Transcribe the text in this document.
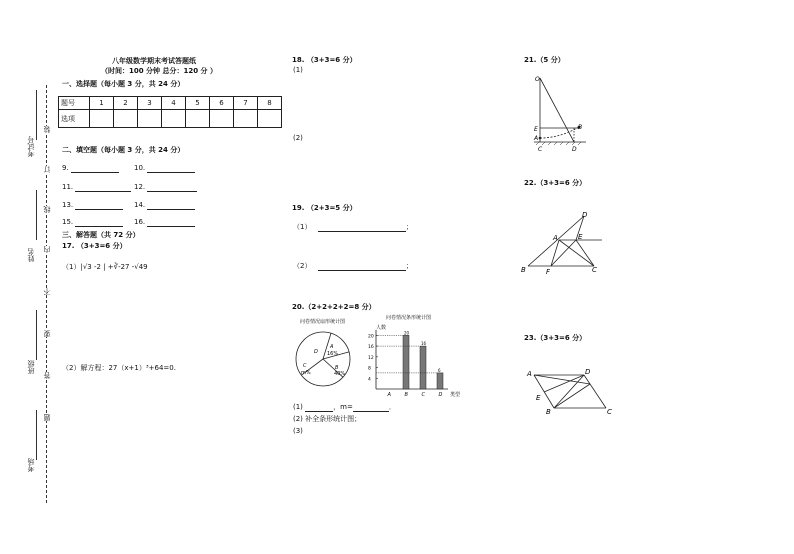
八年级数学期末考试答题纸
（时间：100 分钟 总分：120 分 ）
考试号
姓名
班级
考场
装
订
线
内
不
要
答
题
一、选择题（每小题 3 分，共 24 分）
题号	1	2	3	4	5	6	7	8
选项								
二、填空题（每小题 3 分，共 24 分）
9.	10.
11.	12.
13.	14.
15.	16.
三、解答题（共 72 分）
17. （3+3=6 分）
（1）|√3 -2 | +∛-27 -√49
（2）解方程：27（x+1）³+64=0.
18. （3+3=6 分）
(1)
(2)
19. （2+3=5 分）
（1）	；
（2）	；
20.（2+2+2+2=8 分）
问卷情况扇形统计图
问卷情况条形统计图
A
16%
B
40%
C
m%
D
人数
类型
4
8
12
16
20
A	B
20
C
16
D
6
(1)	，m=	．
(2) 补全条形统计图；
(3)
21.（5 分）
O
E	B
A
C	D
22.（3+3=6 分）
D
A	E
B	F	C
23.（3+3=6 分）
A	D
E
B	C
